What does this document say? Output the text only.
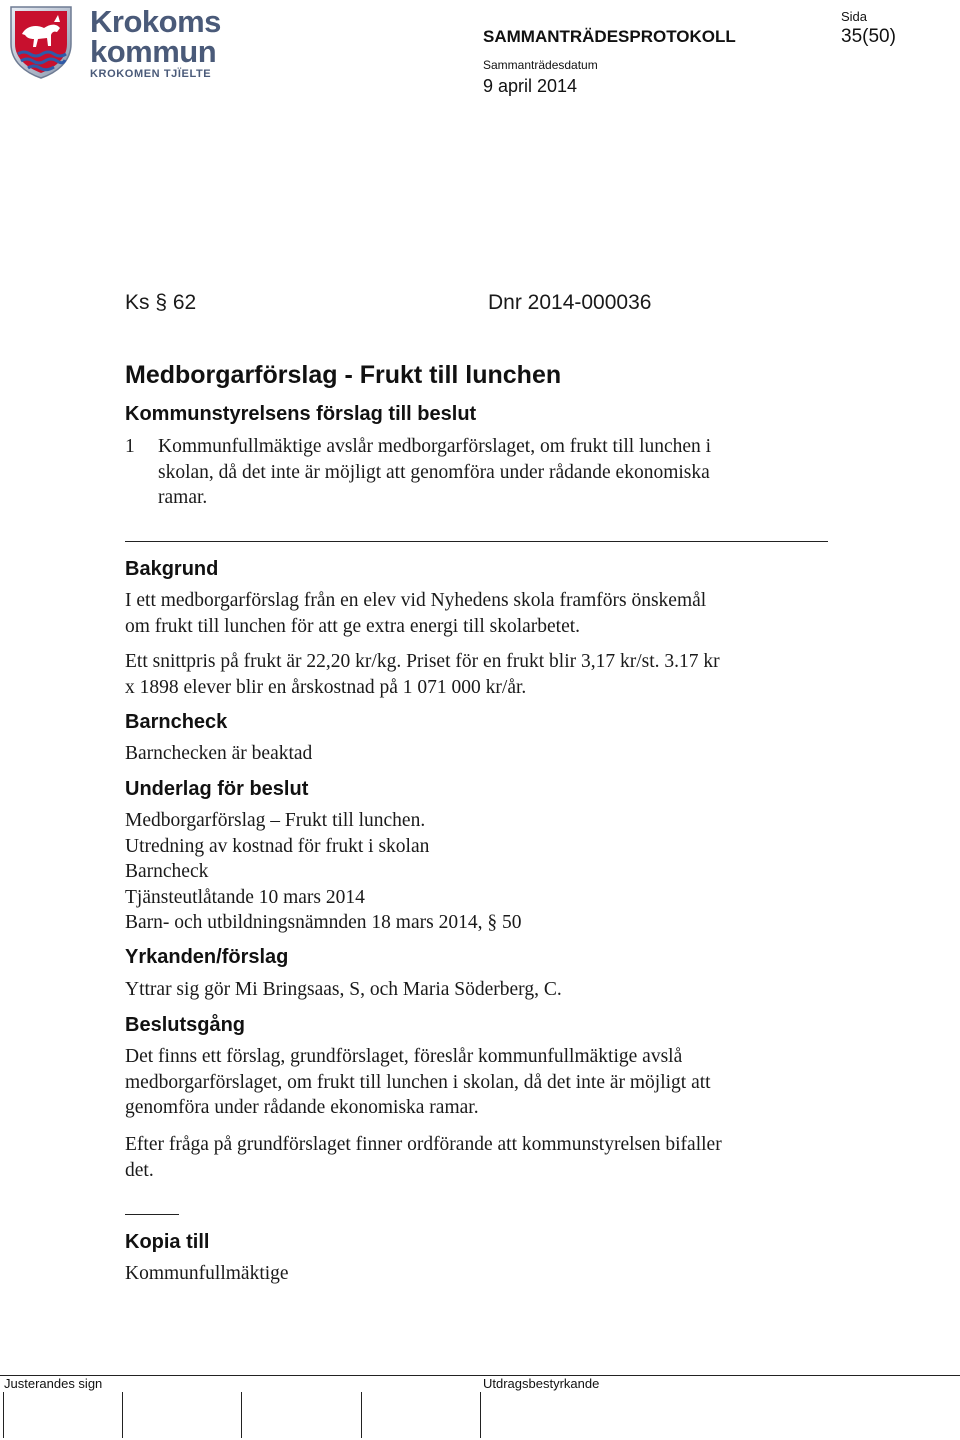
Krokoms
kommun
KROKOMEN TJÏELTE
SAMMANTRÄDESPROTOKOLL
Sammanträdesdatum
9 april 2014
Sida
35(50)
Ks § 62	Dnr 2014-000036
Medborgarförslag - Frukt till lunchen
Kommunstyrelsens förslag till beslut
1 Kommunfullmäktige avslår medborgarförslaget, om frukt till lunchen i
skolan, då det inte är möjligt att genomföra under rådande ekonomiska
ramar.
Bakgrund
I ett medborgarförslag från en elev vid Nyhedens skola framförs önskemål
om frukt till lunchen för att ge extra energi till skolarbetet.
Ett snittpris på frukt är 22,20 kr/kg. Priset för en frukt blir 3,17 kr/st. 3.17 kr
x 1898 elever blir en årskostnad på 1 071 000 kr/år.
Barncheck
Barnchecken är beaktad
Underlag för beslut
Medborgarförslag – Frukt till lunchen.
Utredning av kostnad för frukt i skolan
Barncheck
Tjänsteutlåtande 10 mars 2014
Barn- och utbildningsnämnden 18 mars 2014, § 50
Yrkanden/förslag
Yttrar sig gör Mi Bringsaas, S, och Maria Söderberg, C.
Beslutsgång
Det finns ett förslag, grundförslaget, föreslår kommunfullmäktige avslå
medborgarförslaget, om frukt till lunchen i skolan, då det inte är möjligt att
genomföra under rådande ekonomiska ramar.
Efter fråga på grundförslaget finner ordförande att kommunstyrelsen bifaller
det.
Kopia till
Kommunfullmäktige
Justerandes sign	Utdragsbestyrkande
